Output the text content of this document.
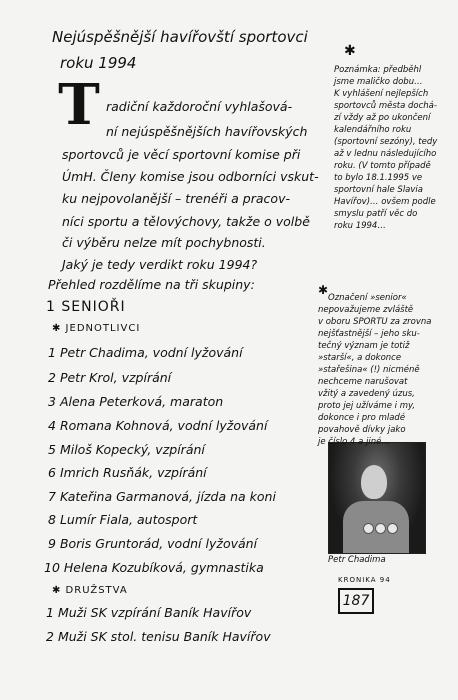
Nejúspěšnější havířovští sportovci
roku 1994
T radiční každoroční vyhlašová-
ní nejúspěšnějších havířovských
sportovců je věcí sportovní komise při
ÚmH. Členy komise jsou odborníci vskut-
ku nejpovolanější – trenéři a pracov-
níci sportu a tělovýchovy, takže o volbě
či výběru nelze mít pochybnosti.
Jaký je tedy verdikt roku 1994?
Přehled rozdělíme na tři skupiny:
1 SENIOŘI
✱ JEDNOTLIVCI
1 Petr Chadima, vodní lyžování
2 Petr Krol, vzpírání
3 Alena Peterková, maraton
4 Romana Kohnová, vodní lyžování
5 Miloš Kopecký, vzpírání
6 Imrich Rusňák, vzpírání
7 Kateřina Garmanová, jízda na koni
8 Lumír Fiala, autosport
9 Boris Gruntorád, vodní lyžování
10 Helena Kozubíková, gymnastika
✱ DRUŽSTVA
1 Muži SK vzpírání Baník Havířov
2 Muži SK stol. tenisu Baník Havířov
✱
Poznámka: předběhl
jsme maličko dobu…
K vyhlášení nejlepších
sportovců města dochá-
zí vždy až po ukončení
kalendářního roku
(sportovní sezóny), tedy
až v lednu následujícího
roku. (V tomto případě
to bylo 18.1.1995 ve
sportovní hale Slavia
Havířov)… ovšem podle
smyslu patří věc do
roku 1994…
✱
Označení »senior«
nepovažujeme zvláště
v oboru SPORTU za zrovna
nejšťastnější – jeho sku-
tečný význam je totiž
»starší«, a dokonce
»stařešina« (!) nicméně
nechceme narušovat
vžitý a zavedený úzus,
proto jej užíváme i my,
dokonce i pro mladé
povahově dívky jako
Petr Chadima
KRONIKA 94
187
je číslo 4 a jiné…
